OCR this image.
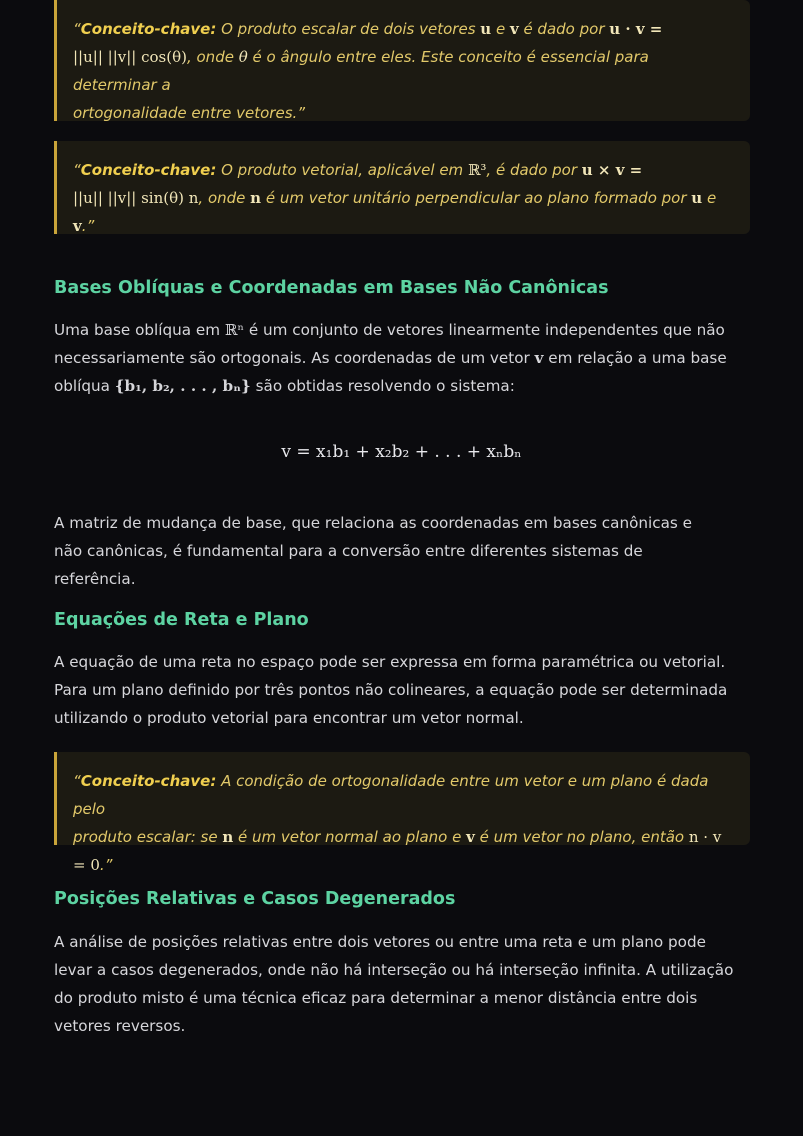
“Conceito-chave: O produto escalar de dois vetores u e v é dado por u · v =
||u|| ||v|| cos(θ), onde θ é o ângulo entre eles. Este conceito é essencial para determinar a
ortogonalidade entre vetores.”
“Conceito-chave: O produto vetorial, aplicável em ℝ³, é dado por u × v =
||u|| ||v|| sin(θ) n, onde n é um vetor unitário perpendicular ao plano formado por u e v.”
Bases Oblíquas e Coordenadas em Bases Não Canônicas

Uma base oblíqua em ℝⁿ é um conjunto de vetores linearmente independentes que não
necessariamente são ortogonais. As coordenadas de um vetor v em relação a uma base
oblíqua {b₁, b₂, . . . , bₙ} são obtidas resolvendo o sistema:

v = x₁b₁ + x₂b₂ + . . . + xₙbₙ

A matriz de mudança de base, que relaciona as coordenadas em bases canônicas e não canônicas, é fundamental para a conversão entre diferentes sistemas de referência.

Equações de Reta e Plano

A equação de uma reta no espaço pode ser expressa em forma paramétrica ou vetorial. Para um plano definido por três pontos não colineares, a equação pode ser determinada utilizando o produto vetorial para encontrar um vetor normal.

“Conceito-chave: A condição de ortogonalidade entre um vetor e um plano é dada pelo
produto escalar: se n é um vetor normal ao plano e v é um vetor no plano, então n · v = 0.”
Posições Relativas e Casos Degenerados

A análise de posições relativas entre dois vetores ou entre uma reta e um plano pode levar a casos degenerados, onde não há interseção ou há interseção infinita. A utilização do produto misto é uma técnica eficaz para determinar a menor distância entre dois vetores reversos.
